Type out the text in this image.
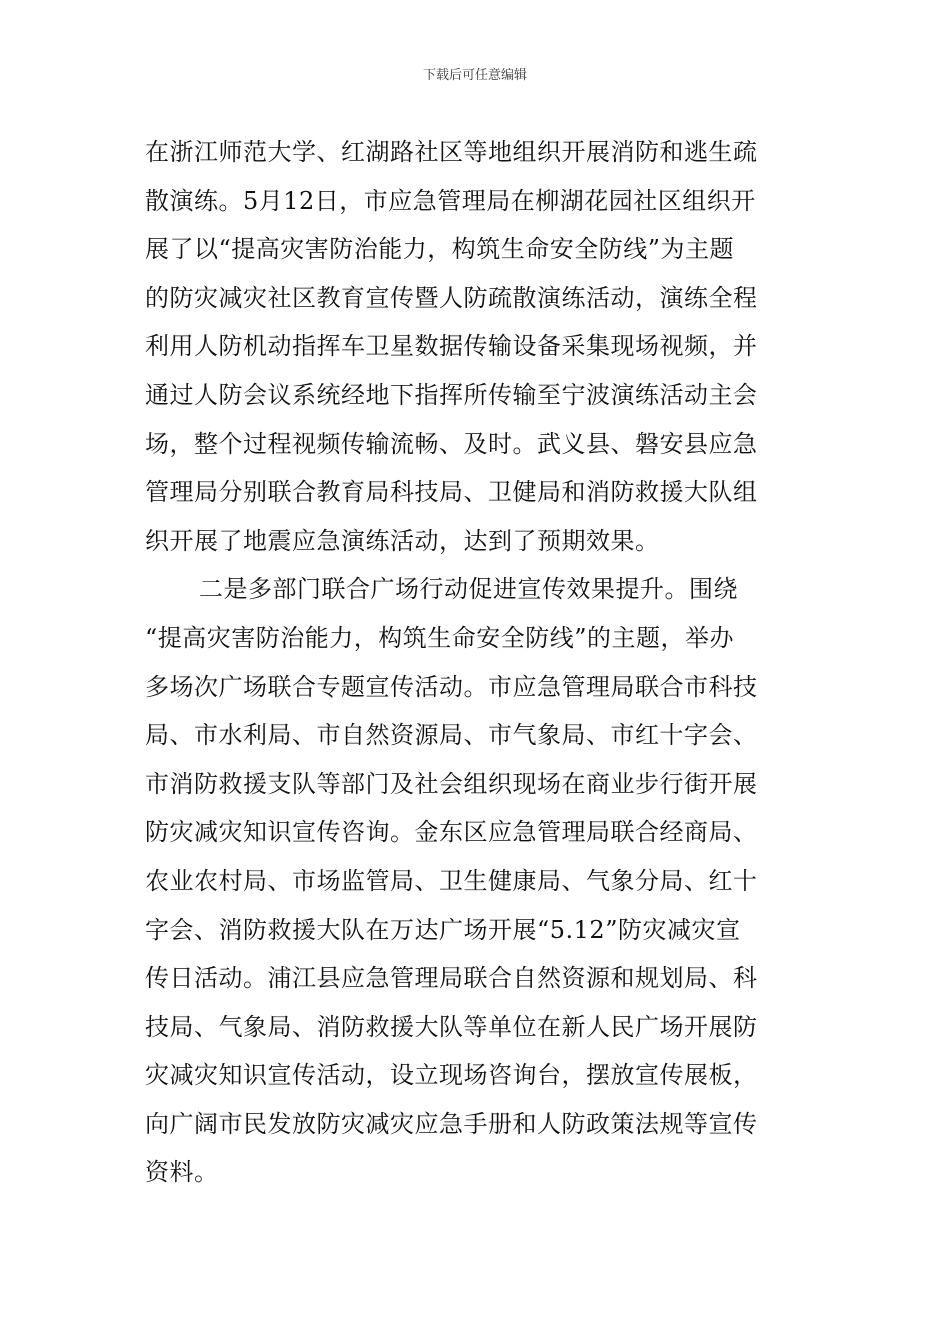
下载后可任意编辑
在浙江师范大学、红湖路社区等地组织开展消防和逃生疏
散演练。5月12日，市应急管理局在柳湖花园社区组织开
展了以“提高灾害防治能力，构筑生命安全防线”为主题
的防灾减灾社区教育宣传暨人防疏散演练活动，演练全程
利用人防机动指挥车卫星数据传输设备采集现场视频，并
通过人防会议系统经地下指挥所传输至宁波演练活动主会
场，整个过程视频传输流畅、及时。武义县、磐安县应急
管理局分别联合教育局科技局、卫健局和消防救援大队组
织开展了地震应急演练活动，达到了预期效果。
二是多部门联合广场行动促进宣传效果提升。围绕
“提高灾害防治能力，构筑生命安全防线”的主题，举办
多场次广场联合专题宣传活动。市应急管理局联合市科技
局、市水利局、市自然资源局、市气象局、市红十字会、
市消防救援支队等部门及社会组织现场在商业步行街开展
防灾减灾知识宣传咨询。金东区应急管理局联合经商局、
农业农村局、市场监管局、卫生健康局、气象分局、红十
字会、消防救援大队在万达广场开展“5.12”防灾减灾宣
传日活动。浦江县应急管理局联合自然资源和规划局、科
技局、气象局、消防救援大队等单位在新人民广场开展防
灾减灾知识宣传活动，设立现场咨询台，摆放宣传展板，
向广阔市民发放防灾减灾应急手册和人防政策法规等宣传
资料。
